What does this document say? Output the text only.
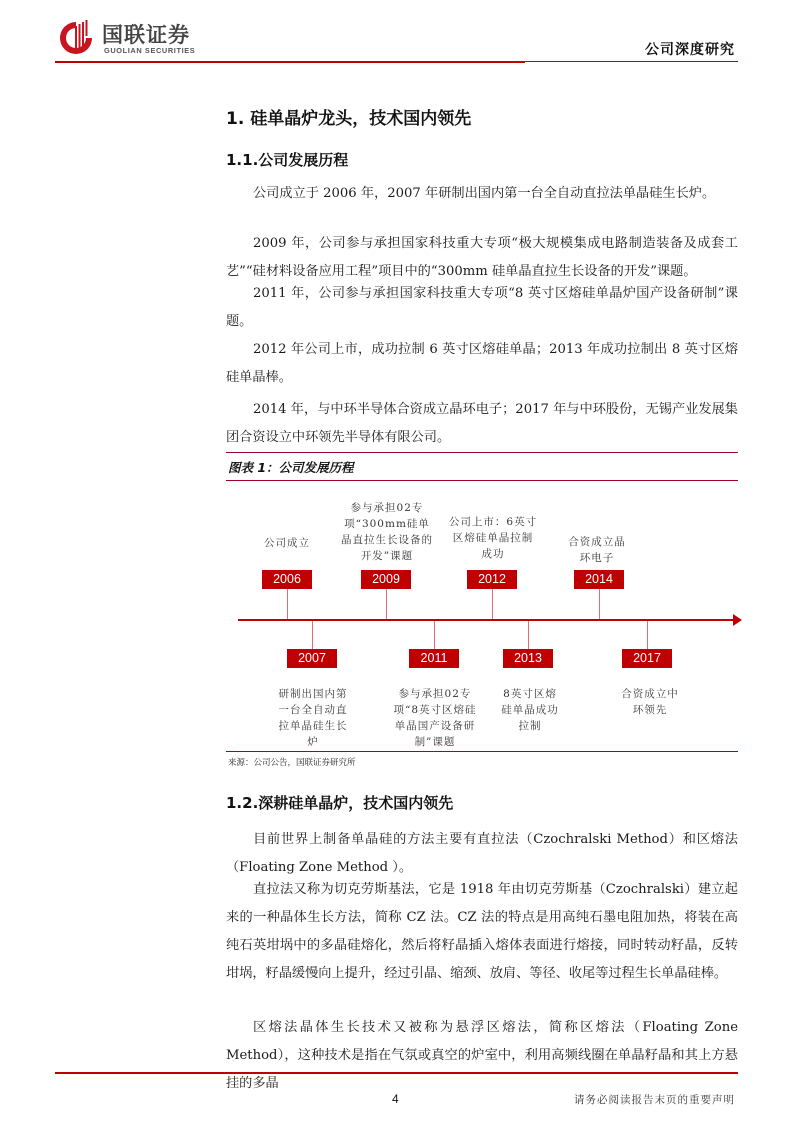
国联证券
GUOLIAN SECURITIES	公司深度研究
1. 硅单晶炉龙头，技术国内领先
1.1.公司发展历程
公司成立于 2006 年，2007 年研制出国内第一台全自动直拉法单晶硅生长炉。
2009 年，公司参与承担国家科技重大专项“极大规模集成电路制造装备及成套工艺”“硅材料设备应用工程”项目中的“300mm 硅单晶直拉生长设备的开发”课题。
2011 年，公司参与承担国家科技重大专项“8 英寸区熔硅单晶炉国产设备研制”课题。
2012 年公司上市，成功拉制 6 英寸区熔硅单晶；2013 年成功拉制出 8 英寸区熔硅单晶棒。
2014 年，与中环半导体合资成立晶环电子；2017 年与中环股份，无锡产业发展集团合资设立中环领先半导体有限公司。
图表 1：公司发展历程
2006
公司成立
2009
参与承担02专项“300mm硅单晶直拉生长设备的开发”课题
2012
公司上市：6英寸区熔硅单晶拉制成功
2014
合资成立晶环电子
2007
研制出国内第一台全自动直拉单晶硅生长炉
2011
参与承担02专项“8英寸区熔硅单晶国产设备研制”课题
2013
8英寸区熔硅单晶成功拉制
2017
合资成立中环领先
来源：公司公告，国联证券研究所
1.2.深耕硅单晶炉，技术国内领先
目前世界上制备单晶硅的方法主要有直拉法（Czochralski Method）和区熔法（Floating Zone Method ）。
直拉法又称为切克劳斯基法，它是 1918 年由切克劳斯基（Czochralski）建立起来的一种晶体生长方法，简称 CZ 法。CZ 法的特点是用高纯石墨电阻加热，将装在高纯石英坩埚中的多晶硅熔化，然后将籽晶插入熔体表面进行熔接，同时转动籽晶，反转坩埚，籽晶缓慢向上提升，经过引晶、缩颈、放肩、等径、收尾等过程生长单晶硅棒。
区熔法晶体生长技术又被称为悬浮区熔法，简称区熔法（Floating Zone Method），这种技术是指在气氛或真空的炉室中，利用高频线圈在单晶籽晶和其上方悬挂的多晶
4	请务必阅读报告末页的重要声明
